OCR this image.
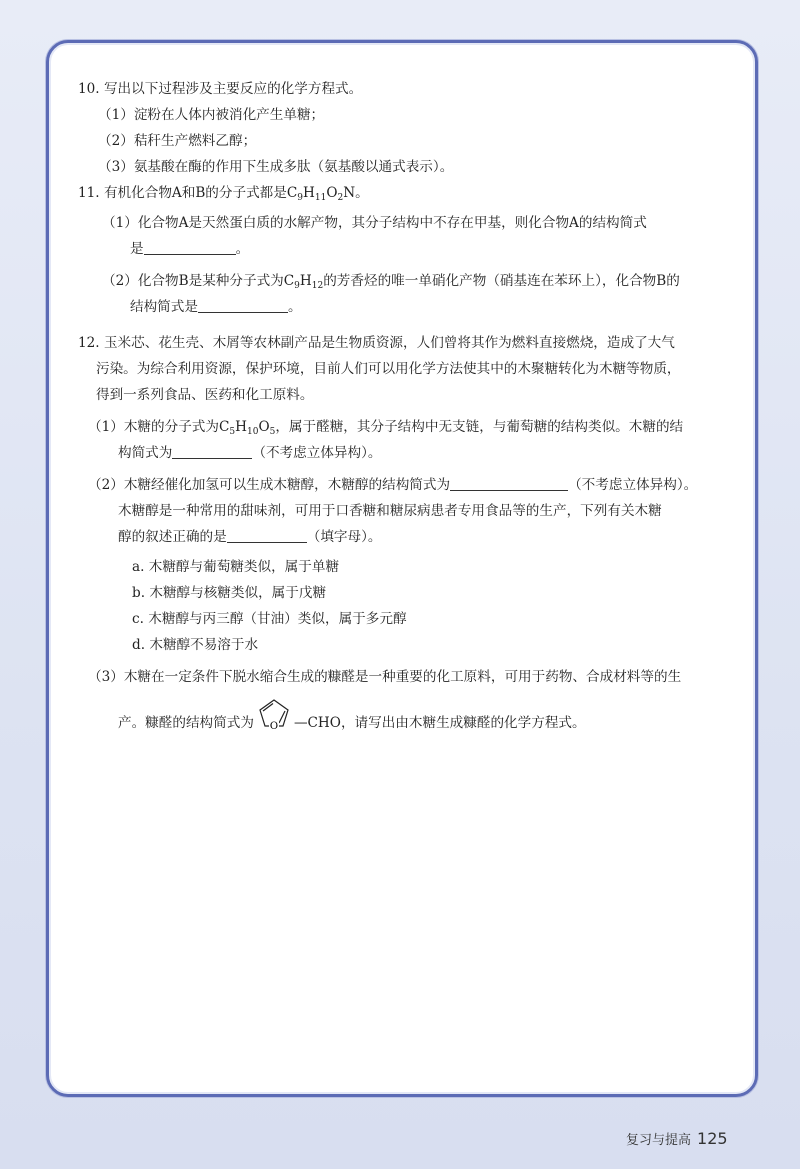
10. 写出以下过程涉及主要反应的化学方程式。
（1）淀粉在人体内被消化产生单糖；
（2）秸秆生产燃料乙醇；
（3）氨基酸在酶的作用下生成多肽（氨基酸以通式表示）。
11. 有机化合物A和B的分子式都是$C_9H_{11}O_2N$。
（1）化合物A是天然蛋白质的水解产物，其分子结构中不存在甲基，则化合物A的结构简式
是	。
（2）化合物B是某种分子式为$C_9H_{12}$的芳香烃的唯一单硝化产物（硝基连在苯环上），化合物B的
结构简式是	。
12. 玉米芯、花生壳、木屑等农林副产品是生物质资源，人们曾将其作为燃料直接燃烧，造成了大气
污染。为综合利用资源，保护环境，目前人们可以用化学方法使其中的木聚糖转化为木糖等物质，
得到一系列食品、医药和化工原料。
（1）木糖的分子式为$C_5H_{10}O_5$，属于醛糖，其分子结构中无支链，与葡萄糖的结构类似。木糖的结
构简式为	（不考虑立体异构）。
（2）木糖经催化加氢可以生成木糖醇，木糖醇的结构简式为	（不考虑立体异构）。
木糖醇是一种常用的甜味剂，可用于口香糖和糖尿病患者专用食品等的生产，下列有关木糖
醇的叙述正确的是	（填字母）。
a. 木糖醇与葡萄糖类似，属于单糖
b. 木糖醇与核糖类似，属于戊糖
c. 木糖醇与丙三醇（甘油）类似，属于多元醇
d. 木糖醇不易溶于水
（3）木糖在一定条件下脱水缩合生成的糠醛是一种重要的化工原料，可用于药物、合成材料等的生
产。糠醛的结构简式为 O —CHO，请写出由木糖生成糠醛的化学方程式。
复习与提高 125
